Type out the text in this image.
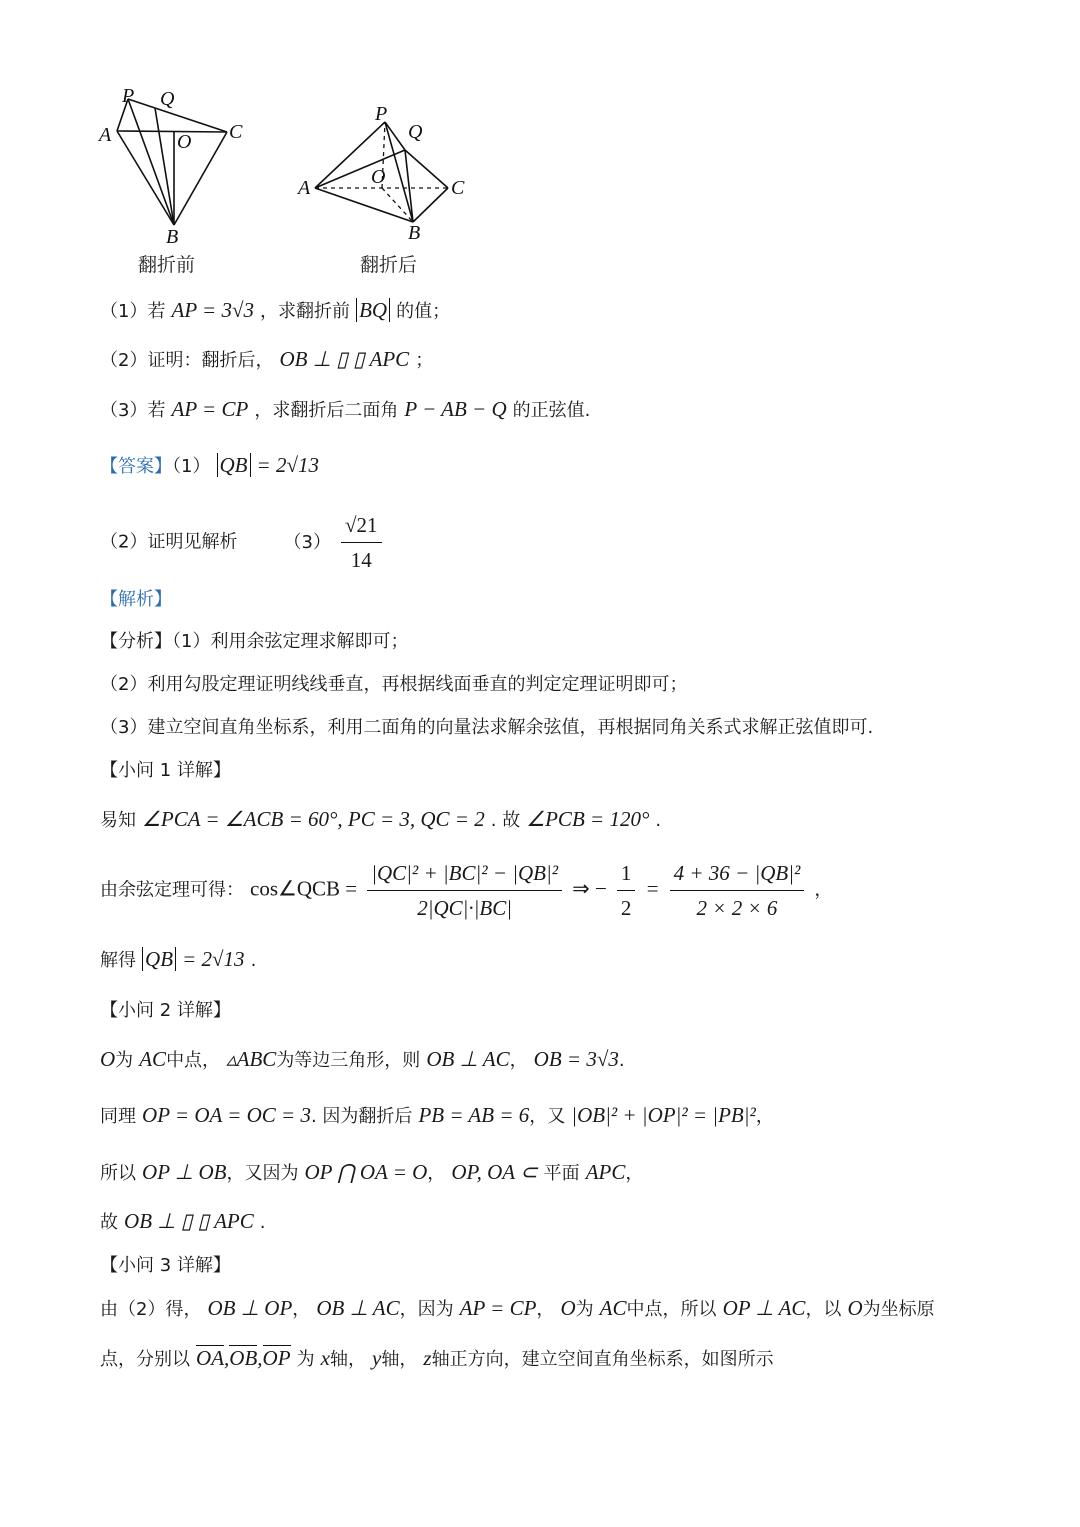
P Q
A	O C
B
翻折前
P
Q
A	O	C
B
翻折后
（1）若 AP = 3√3 ，求翻折前 BQ 的值；
（2）证明：翻折后， OB ⊥ ▯ ▯ APC ；
（3）若 AP = CP ，求翻折后二面角 P − AB − Q 的正弦值.
【答案】（1） QB = 2√13
（2）证明见解析	$(3) \frac{√21}{14}$
【解析】
【分析】（1）利用余弦定理求解即可；
（2）利用勾股定理证明线线垂直，再根据线面垂直的判定定理证明即可；
（3）建立空间直角坐标系，利用二面角的向量法求解余弦值，再根据同角关系式求解正弦值即可.
【小问 1 详解】
易知 ∠PCA = ∠ACB = 60°, PC = 3, QC = 2 . 故 ∠PCB = 120° .
由余弦定理可得： cos∠QCB = $\frac{\text{|QC|² + |BC|² − |QB|²}}{2|QC|\cdot|BC|}$ ⇒ − $\frac{1}{2} = \frac{\text{4 + 36 − |QB|²}}{2 \times 2 \times 6}$ ，
解得 QB = 2√13 .
【小问 2 详解】
O为 AC中点， ▵ABC为等边三角形，则 OB ⊥ AC， OB = 3√3.
同理 OP = OA = OC = 3. 因为翻折后 PB = AB = 6，又 |OB|² + |OP|² = |PB|²，
所以 OP ⊥ OB，又因为 OP ⋂ OA = O， OP, OA ⊂ 平面 APC，
故 OB ⊥ ▯ ▯ APC .
【小问 3 详解】
由（2）得， OB ⊥ OP， OB ⊥ AC，因为 AP = CP， O为 AC中点，所以 OP ⊥ AC，以 O为坐标原
点，分别以 OA,OB,OP 为 x轴， y轴， z轴正方向，建立空间直角坐标系，如图所示
